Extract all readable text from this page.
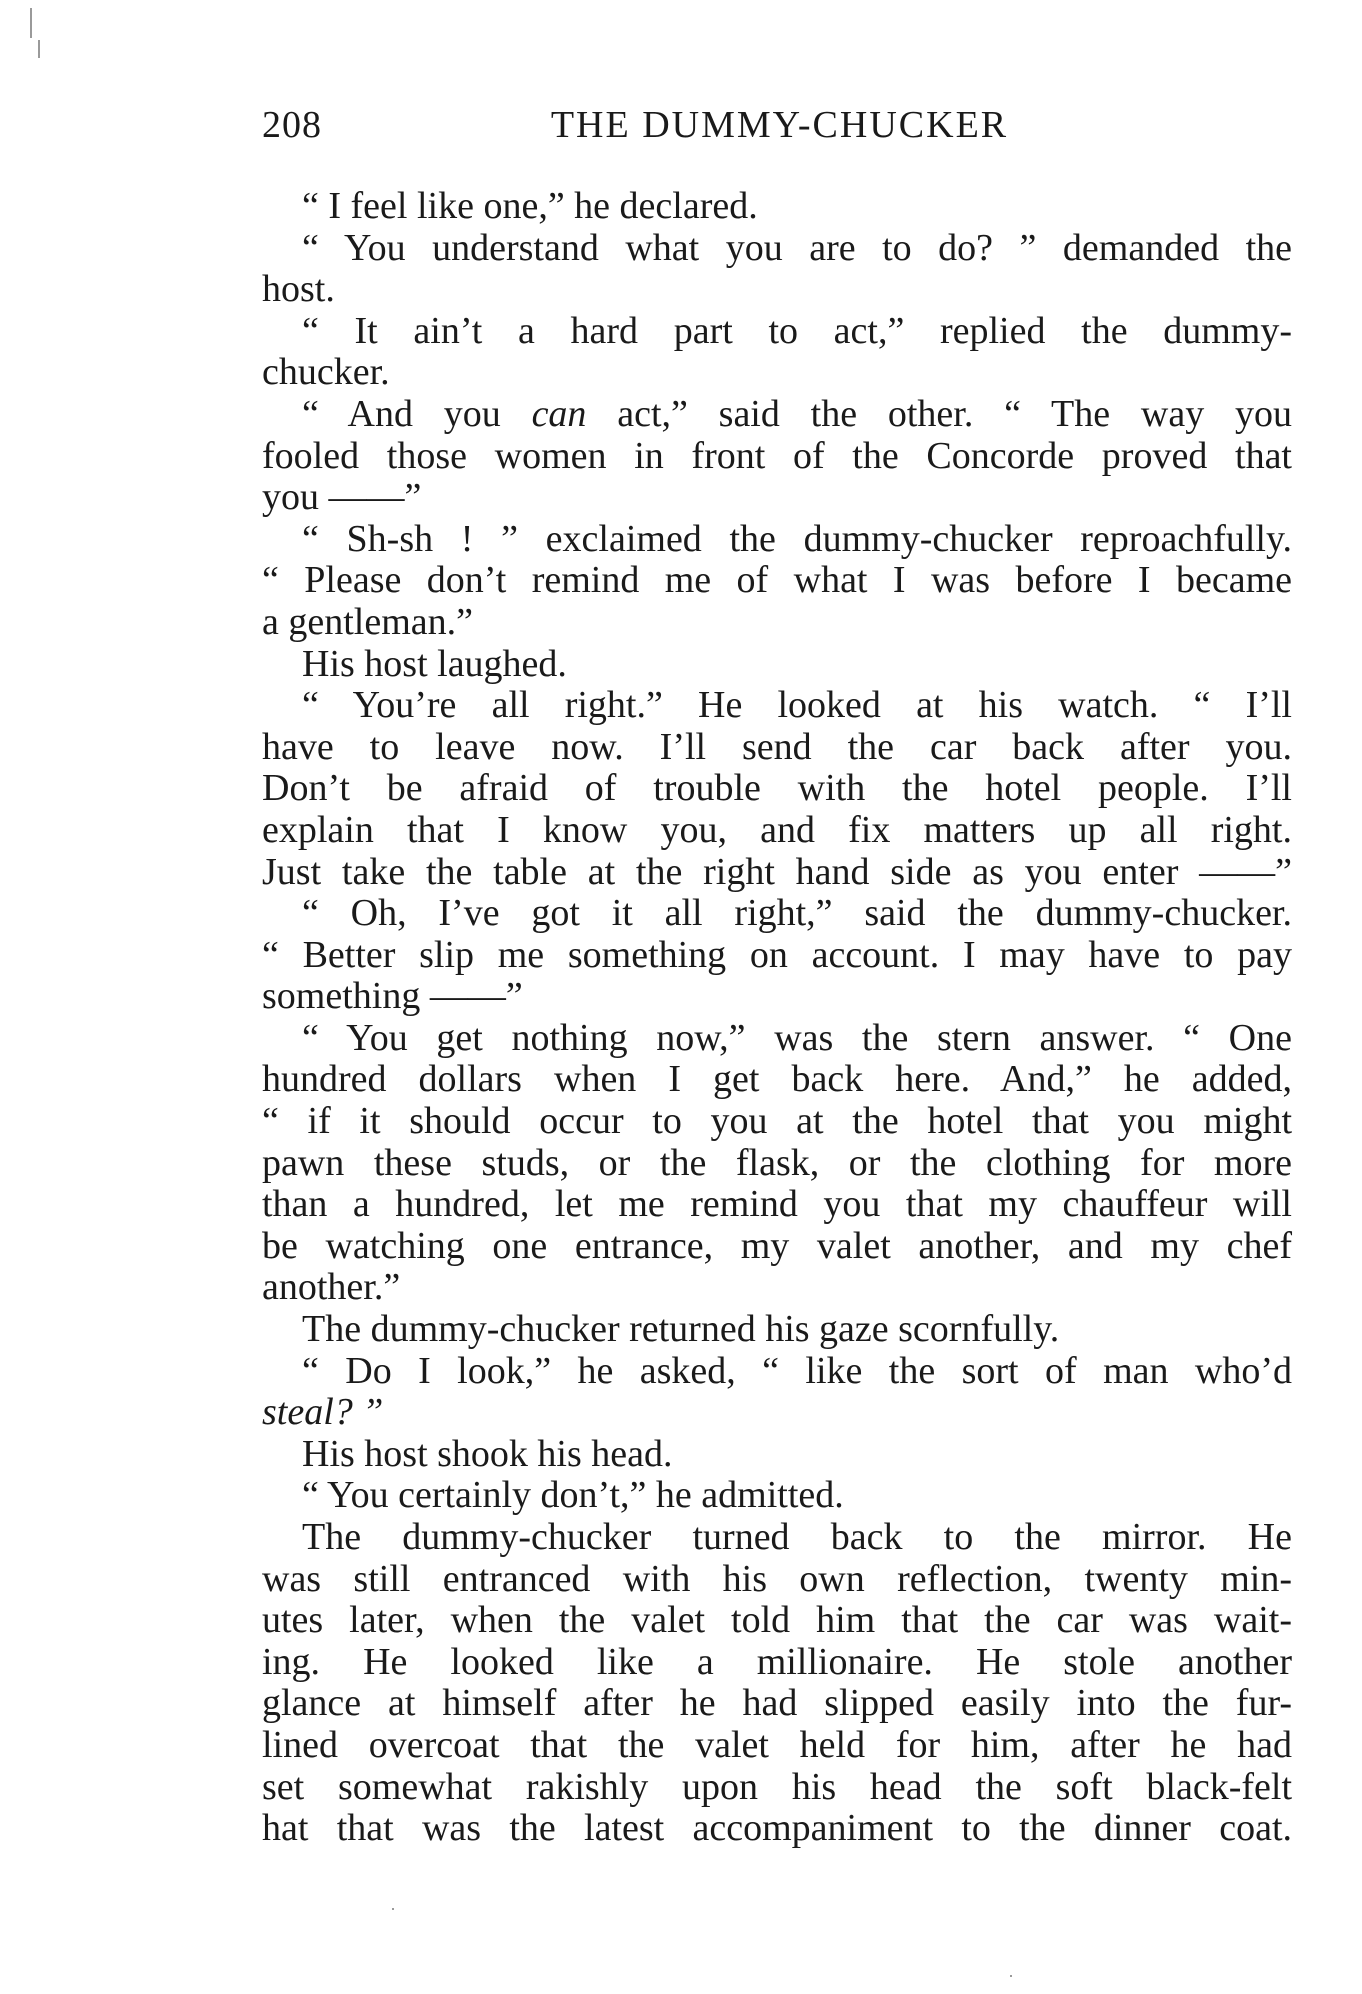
208	THE DUMMY-CHUCKER
“ I feel like one,” he declared.
“ You understand what you are to do? ” demanded the
host.
“ It ain’t a hard part to act,” replied the dummy-
chucker.
“ And you can act,” said the other. “ The way you
fooled those women in front of the Concorde proved that
you ——”
“ Sh-sh ! ” exclaimed the dummy-chucker reproachfully.
“ Please don’t remind me of what I was before I became
a gentleman.”
His host laughed.
“ You’re all right.” He looked at his watch. “ I’ll
have to leave now. I’ll send the car back after you.
Don’t be afraid of trouble with the hotel people. I’ll
explain that I know you, and fix matters up all right.
Just take the table at the right hand side as you enter ——”
“ Oh, I’ve got it all right,” said the dummy-chucker.
“ Better slip me something on account. I may have to pay
something ——”
“ You get nothing now,” was the stern answer. “ One
hundred dollars when I get back here. And,” he added,
“ if it should occur to you at the hotel that you might
pawn these studs, or the flask, or the clothing for more
than a hundred, let me remind you that my chauffeur will
be watching one entrance, my valet another, and my chef
another.”
The dummy-chucker returned his gaze scornfully.
“ Do I look,” he asked, “ like the sort of man who’d
steal? ”
His host shook his head.
“ You certainly don’t,” he admitted.
The dummy-chucker turned back to the mirror. He
was still entranced with his own reflection, twenty min-
utes later, when the valet told him that the car was wait-
ing. He looked like a millionaire. He stole another
glance at himself after he had slipped easily into the fur-
lined overcoat that the valet held for him, after he had
set somewhat rakishly upon his head the soft black-felt
hat that was the latest accompaniment to the dinner coat.
